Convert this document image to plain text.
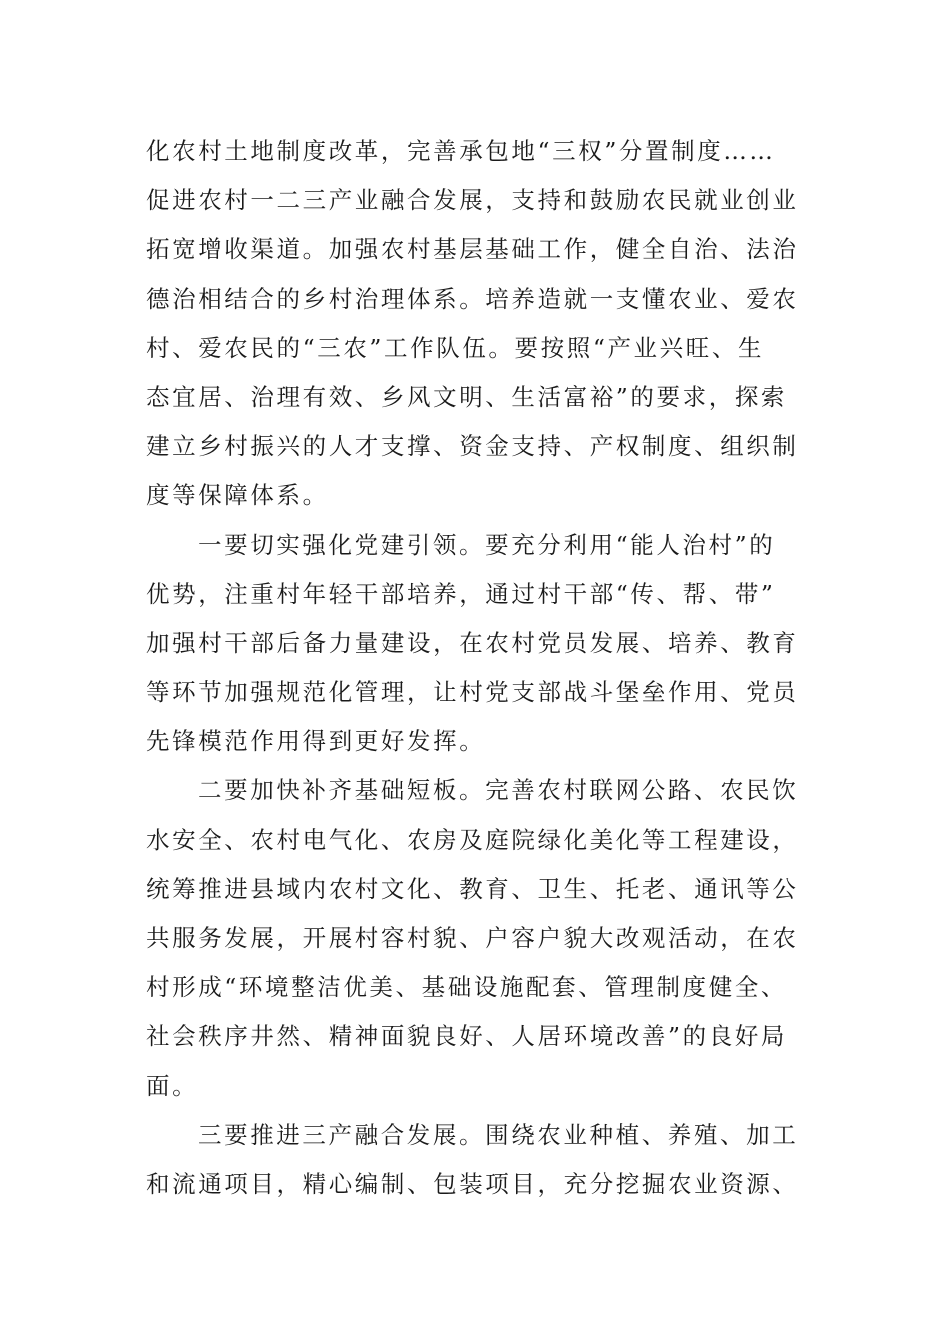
化农村土地制度改革，完善承包地“三权”分置制度……
促进农村一二三产业融合发展，支持和鼓励农民就业创业
拓宽增收渠道。加强农村基层基础工作，健全自治、法治
德治相结合的乡村治理体系。培养造就一支懂农业、爱农
村、爱农民的“三农”工作队伍。要按照“产业兴旺、生
态宜居、治理有效、乡风文明、生活富裕”的要求，探索
建立乡村振兴的人才支撑、资金支持、产权制度、组织制
度等保障体系。
一要切实强化党建引领。要充分利用“能人治村”的
优势，注重村年轻干部培养，通过村干部“传、帮、带”
加强村干部后备力量建设，在农村党员发展、培养、教育
等环节加强规范化管理，让村党支部战斗堡垒作用、党员
先锋模范作用得到更好发挥。
二要加快补齐基础短板。完善农村联网公路、农民饮
水安全、农村电气化、农房及庭院绿化美化等工程建设，
统筹推进县域内农村文化、教育、卫生、托老、通讯等公
共服务发展，开展村容村貌、户容户貌大改观活动，在农
村形成“环境整洁优美、基础设施配套、管理制度健全、
社会秩序井然、精神面貌良好、人居环境改善”的良好局
面。
三要推进三产融合发展。围绕农业种植、养殖、加工
和流通项目，精心编制、包装项目，充分挖掘农业资源、
